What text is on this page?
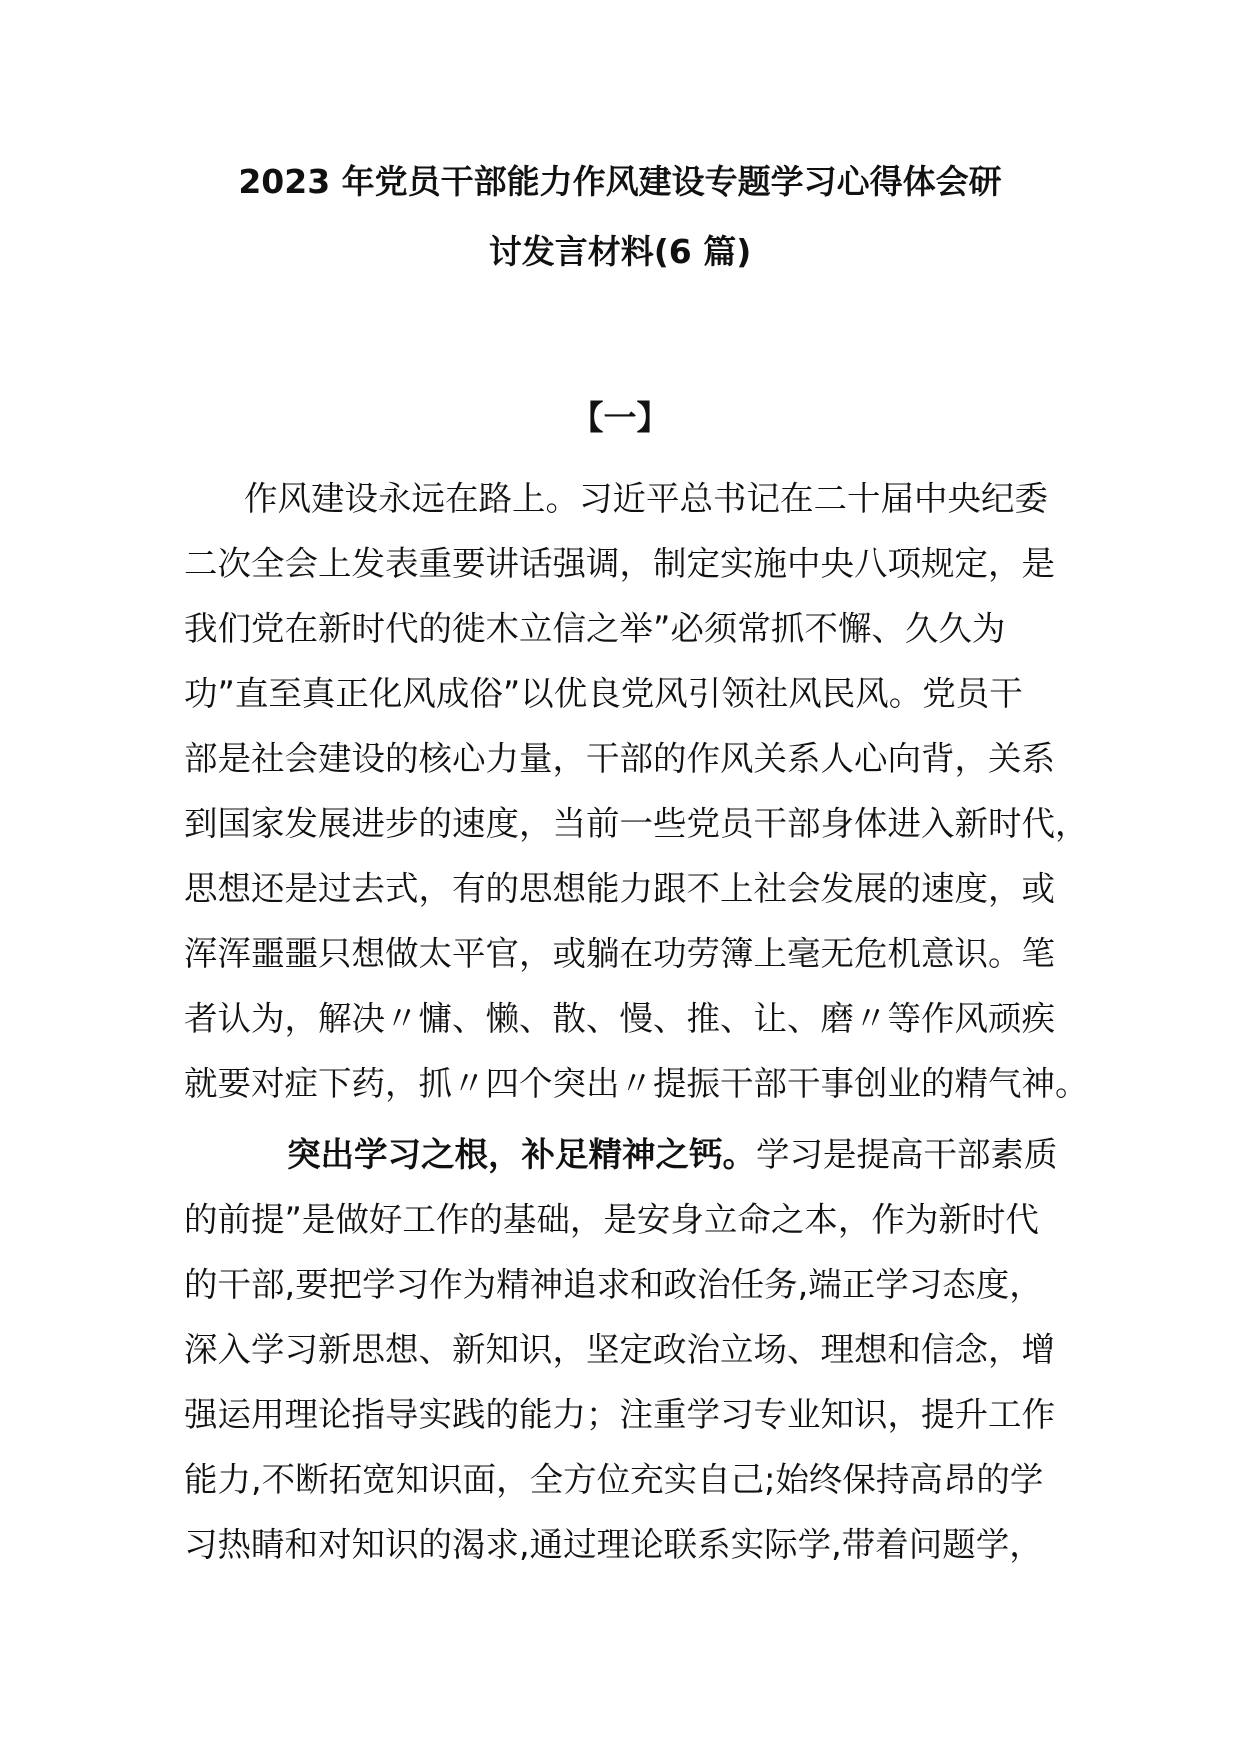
2023 年党员干部能力作风建设专题学习心得体会研
讨发言材料(6 篇)
【一】
作风建设永远在路上。习近平总书记在二十届中央纪委
二次全会上发表重要讲话强调，制定实施中央八项规定，是
我们党在新时代的徙木立信之举”必须常抓不懈、久久为
功”直至真正化风成俗”以优良党风引领社风民风。党员干
部是社会建设的核心力量，干部的作风关系人心向背，关系
到国家发展进步的速度，当前一些党员干部身体进入新时代，
思想还是过去式，有的思想能力跟不上社会发展的速度，或
浑浑噩噩只想做太平官，或躺在功劳簿上毫无危机意识。笔
者认为，解决〃慵、懒、散、慢、推、让、磨〃等作风顽疾
就要对症下药，抓〃四个突出〃提振干部干事创业的精气神。
突出学习之根，补足精神之钙。学习是提高干部素质
的前提”是做好工作的基础，是安身立命之本，作为新时代
的干部,要把学习作为精神追求和政治任务,端正学习态度，
深入学习新思想、新知识，坚定政治立场、理想和信念，增
强运用理论指导实践的能力；注重学习专业知识，提升工作
能力,不断拓宽知识面，全方位充实自己;始终保持高昂的学
习热睛和对知识的渴求,通过理论联系实际学,带着问题学，
